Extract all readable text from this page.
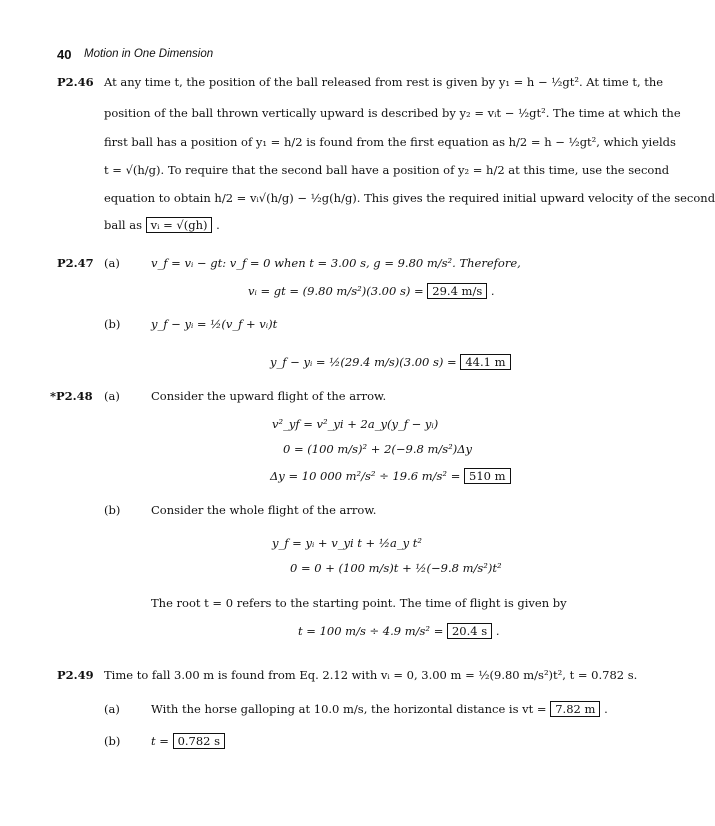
40 Motion in One Dimension
P2.46 At any time t, the position of the ball released from rest is given by y₁ = h − ½gt². At time t, the
position of the ball thrown vertically upward is described by y₂ = vᵢt − ½gt². The time at which the
first ball has a position of y₁ = h/2 is found from the first equation as h/2 = h − ½gt², which yields
t = √(h/g). To require that the second ball have a position of y₂ = h/2 at this time, use the second
equation to obtain h/2 = vᵢ√(h/g) − ½g(h/g). This gives the required initial upward velocity of the second
ball as vᵢ = √(gh) .
P2.47 (a)	v_f = vᵢ − gt: v_f = 0 when t = 3.00 s, g = 9.80 m/s². Therefore,
vᵢ = gt = (9.80 m/s²)(3.00 s) = 29.4 m/s .
(b)	y_f − yᵢ = ½(v_f + vᵢ)t
y_f − yᵢ = ½(29.4 m/s)(3.00 s) = 44.1 m
*P2.48 (a)	Consider the upward flight of the arrow.
v²_yf = v²_yi + 2a_y(y_f − yᵢ)
0 = (100 m/s)² + 2(−9.8 m/s²)Δy
Δy = 10 000 m²/s² ÷ 19.6 m/s² = 510 m
(b)	Consider the whole flight of the arrow.
y_f = yᵢ + v_yi t + ½a_y t²
0 = 0 + (100 m/s)t + ½(−9.8 m/s²)t²
The root t = 0 refers to the starting point. The time of flight is given by
t = 100 m/s ÷ 4.9 m/s² = 20.4 s .
P2.49 Time to fall 3.00 m is found from Eq. 2.12 with vᵢ = 0, 3.00 m = ½(9.80 m/s²)t², t = 0.782 s.
(a)	With the horse galloping at 10.0 m/s, the horizontal distance is vt = 7.82 m .
(b)	t = 0.782 s
